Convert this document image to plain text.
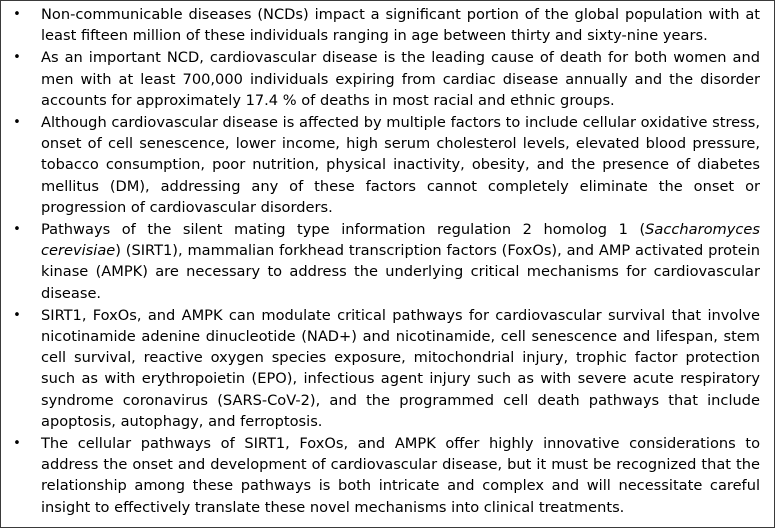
• Non-communicable diseases (NCDs) impact a significant portion of the global population with at least fifteen million of these individuals ranging in age between thirty and sixty-nine years.
• As an important NCD, cardiovascular disease is the leading cause of death for both women and men with at least 700,000 individuals expiring from cardiac disease annually and the disorder accounts for approximately 17.4 % of deaths in most racial and ethnic groups.
• Although cardiovascular disease is affected by multiple factors to include cellular oxidative stress, onset of cell senescence, lower income, high serum cholesterol levels, elevated blood pressure, tobacco consumption, poor nutrition, physical inactivity, obesity, and the presence of diabetes mellitus (DM), addressing any of these factors cannot completely eliminate the onset or progression of cardiovascular disorders.
• Pathways of the silent mating type information regulation 2 homolog 1 (Saccharomyces cerevisiae) (SIRT1), mammalian forkhead transcription factors (FoxOs), and AMP activated protein kinase (AMPK) are necessary to address the underlying critical mechanisms for cardiovascular disease.
• SIRT1, FoxOs, and AMPK can modulate critical pathways for cardiovascular survival that involve nicotinamide adenine dinucleotide (NAD+) and nicotinamide, cell senescence and lifespan, stem cell survival, reactive oxygen species exposure, mitochondrial injury, trophic factor protection such as with erythropoietin (EPO), infectious agent injury such as with severe acute respiratory syndrome coronavirus (SARS-CoV-2), and the programmed cell death pathways that include apoptosis, autophagy, and ferroptosis.
• The cellular pathways of SIRT1, FoxOs, and AMPK offer highly innovative considerations to address the onset and development of cardiovascular disease, but it must be recognized that the relationship among these pathways is both intricate and complex and will necessitate careful insight to effectively translate these novel mechanisms into clinical treatments.
